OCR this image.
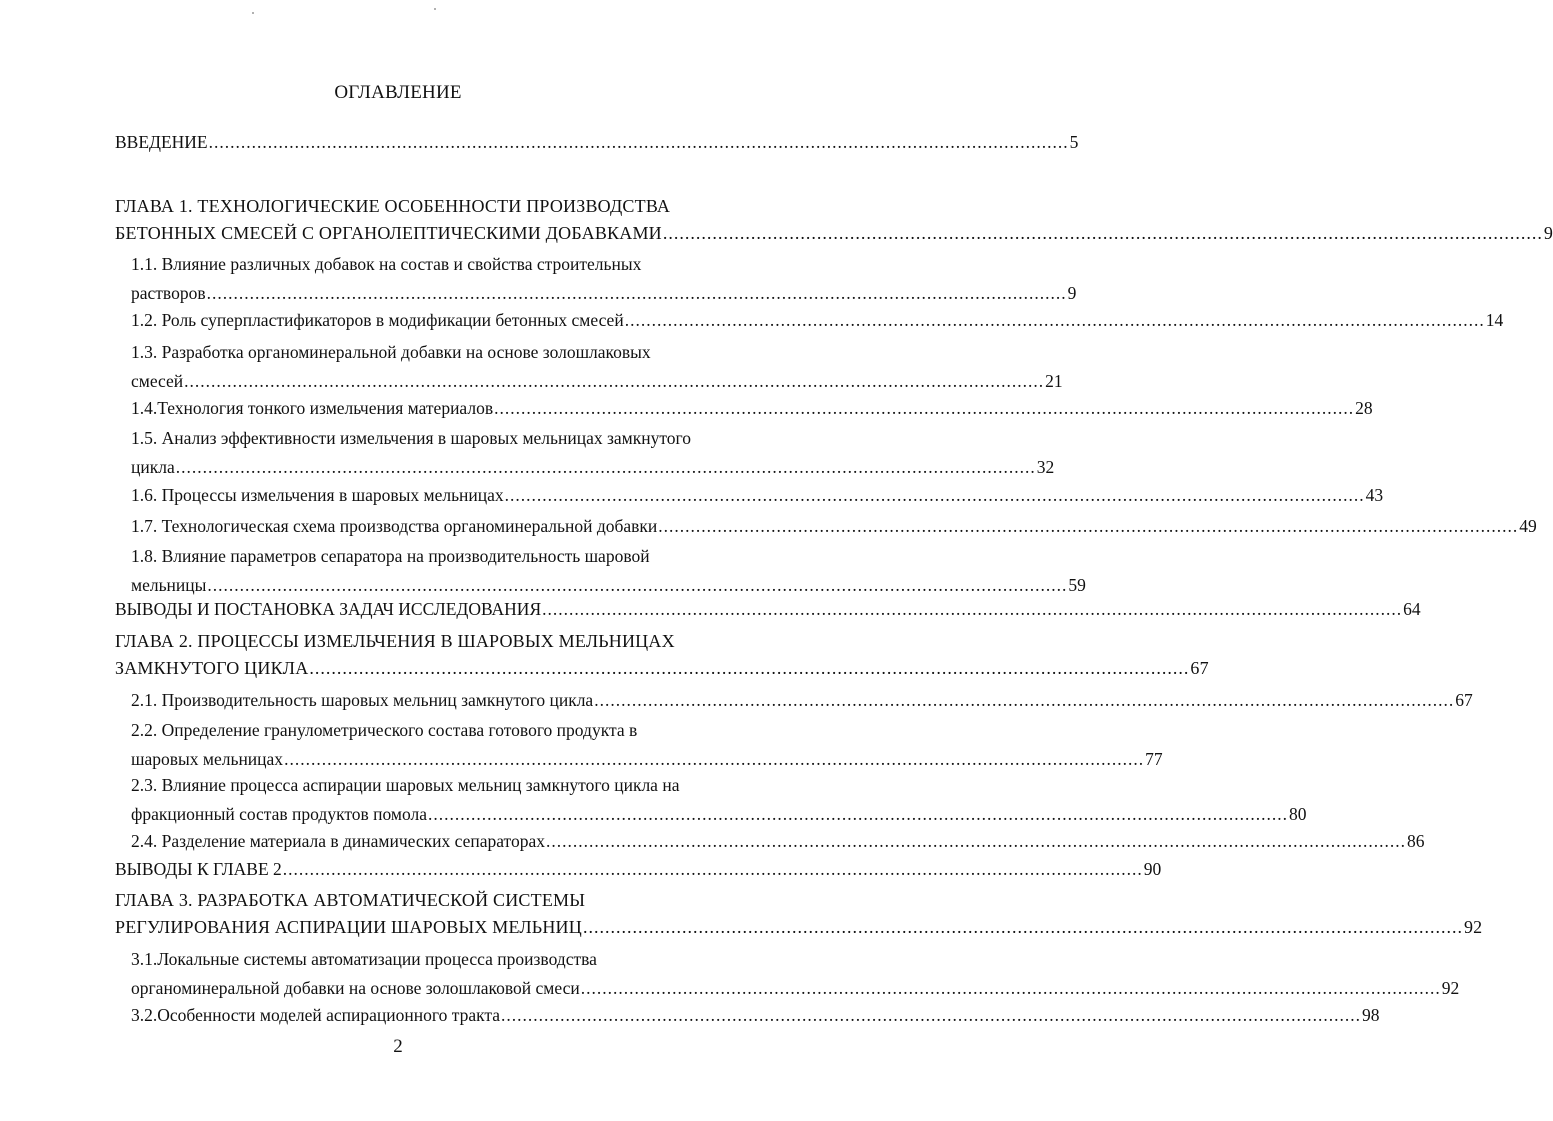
ОГЛАВЛЕНИЕ
ВВЕДЕНИЕ ................................................................................................................................................................ 5
ГЛАВА 1. ТЕХНОЛОГИЧЕСКИЕ ОСОБЕННОСТИ ПРОИЗВОДСТВА
БЕТОННЫХ СМЕСЕЙ С ОРГАНОЛЕПТИЧЕСКИМИ ДОБАВКАМИ ................................................................................................................................................................ 9
1.1. Влияние различных добавок на состав и свойства строительных
растворов ................................................................................................................................................................ 9
1.2. Роль суперпластификаторов в модификации бетонных смесей ................................................................................................................................................................ 14
1.3. Разработка органоминеральной добавки на основе золошлаковых
смесей ................................................................................................................................................................ 21
1.4.Технология тонкого измельчения материалов ................................................................................................................................................................ 28
1.5. Анализ эффективности измельчения в шаровых мельницах замкнутого
цикла ................................................................................................................................................................ 32
1.6. Процессы измельчения в шаровых мельницах ................................................................................................................................................................ 43
1.7. Технологическая схема производства органоминеральной добавки ................................................................................................................................................................ 49
1.8. Влияние параметров сепаратора на производительность шаровой
мельницы ................................................................................................................................................................ 59
ВЫВОДЫ И ПОСТАНОВКА ЗАДАЧ ИССЛЕДОВАНИЯ ................................................................................................................................................................ 64
ГЛАВА 2. ПРОЦЕССЫ ИЗМЕЛЬЧЕНИЯ В ШАРОВЫХ МЕЛЬНИЦАХ
ЗАМКНУТОГО ЦИКЛА ................................................................................................................................................................ 67
2.1. Производительность шаровых мельниц замкнутого цикла ................................................................................................................................................................ 67
2.2. Определение гранулометрического состава готового продукта в
шаровых мельницах ................................................................................................................................................................ 77
2.3. Влияние процесса аспирации шаровых мельниц замкнутого цикла на
фракционный состав продуктов помола ................................................................................................................................................................ 80
2.4. Разделение материала в динамических сепараторах ................................................................................................................................................................ 86
ВЫВОДЫ К ГЛАВЕ 2 ................................................................................................................................................................ 90
ГЛАВА 3. РАЗРАБОТКА АВТОМАТИЧЕСКОЙ СИСТЕМЫ
РЕГУЛИРОВАНИЯ АСПИРАЦИИ ШАРОВЫХ МЕЛЬНИЦ ................................................................................................................................................................ 92
3.1.Локальные системы автоматизации процесса производства
органоминеральной добавки на основе золошлаковой смеси ................................................................................................................................................................ 92
3.2.Особенности моделей аспирационного тракта ................................................................................................................................................................ 98
2
